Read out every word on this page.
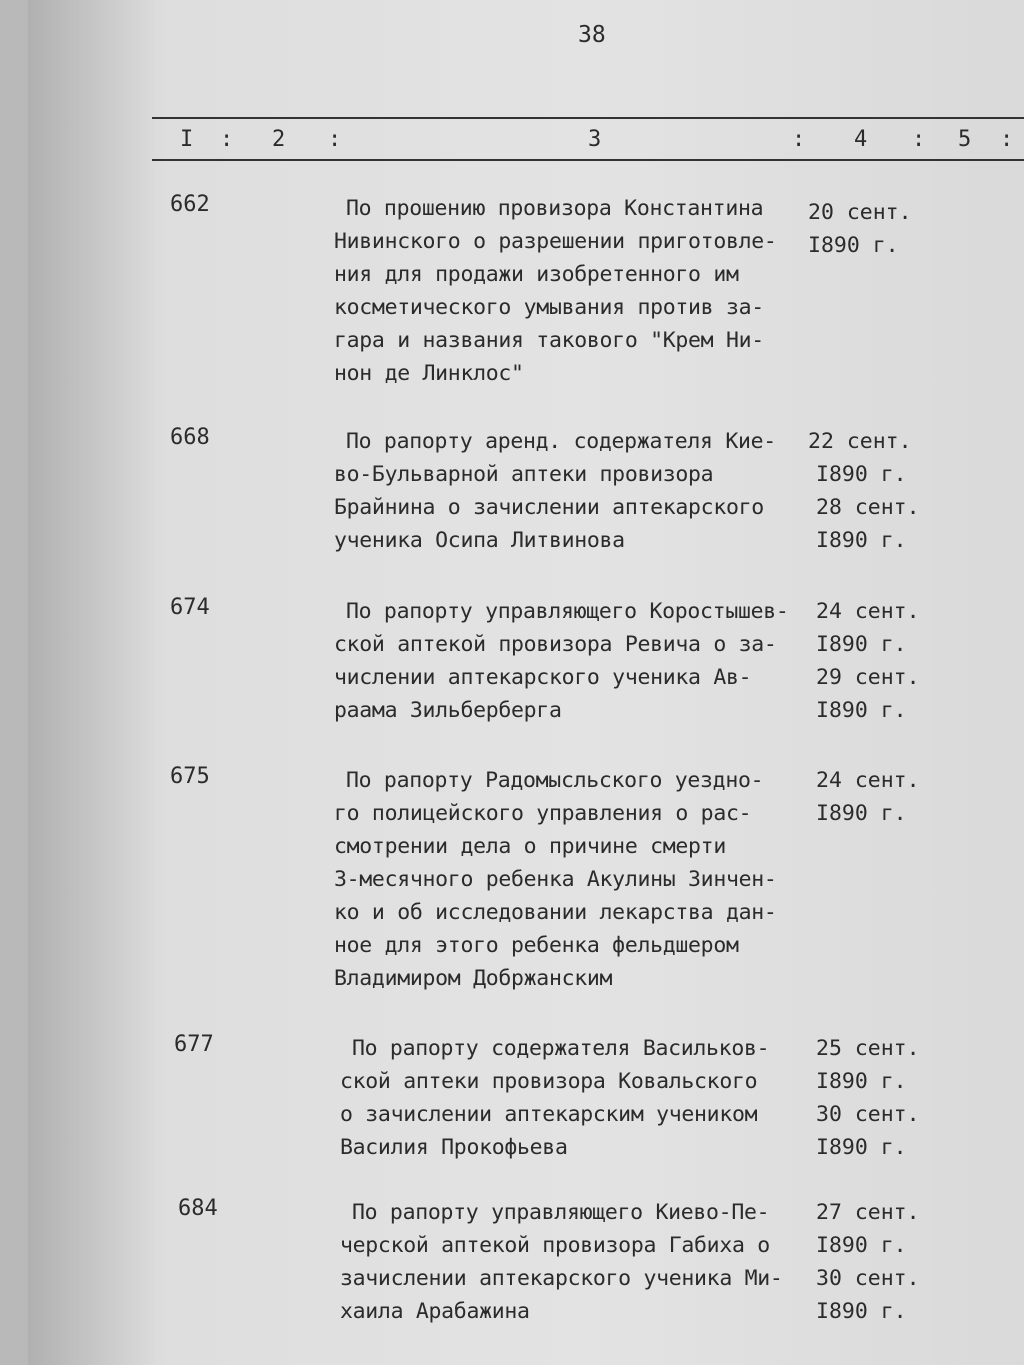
38
I : 2 :	3	: 4 : 5 :
662	По прошению провизора Константина
Нивинского о разрешении приготовле-
ния для продажи изобретенного им
косметического умывания против за-
гара и названия такового "Крем Ни-
нон де Линклос"
20 сент.
I890 г.
668	По рапорту аренд. содержателя Кие-
во-Бульварной аптеки провизора
Брайнина о зачислении аптекарского
ученика Осипа Литвинова
22 сент.
I890 г.
28 сент.
I890 г.
674	По рапорту управляющего Коростышев-
ской аптекой провизора Ревича о за-
числении аптекарского ученика Ав-
раама Зильберберга
24 сент.
I890 г.
29 сент.
I890 г.
675	По рапорту Радомысльского уездно-
го полицейского управления о рас-
смотрении дела о причине смерти
3-месячного ребенка Акулины Зинчен-
ко и об исследовании лекарства дан-
ное для этого ребенка фельдшером
Владимиром Добржанским
24 сент.
I890 г.
677	По рапорту содержателя Васильков-
ской аптеки провизора Ковальского
о зачислении аптекарским учеником
Василия Прокофьева
25 сент.
I890 г.
30 сент.
I890 г.
684	По рапорту управляющего Киево-Пе-
черской аптекой провизора Габиха о
зачислении аптекарского ученика Ми-
хаила Арабажина
27 сент.
I890 г.
30 сент.
I890 г.
